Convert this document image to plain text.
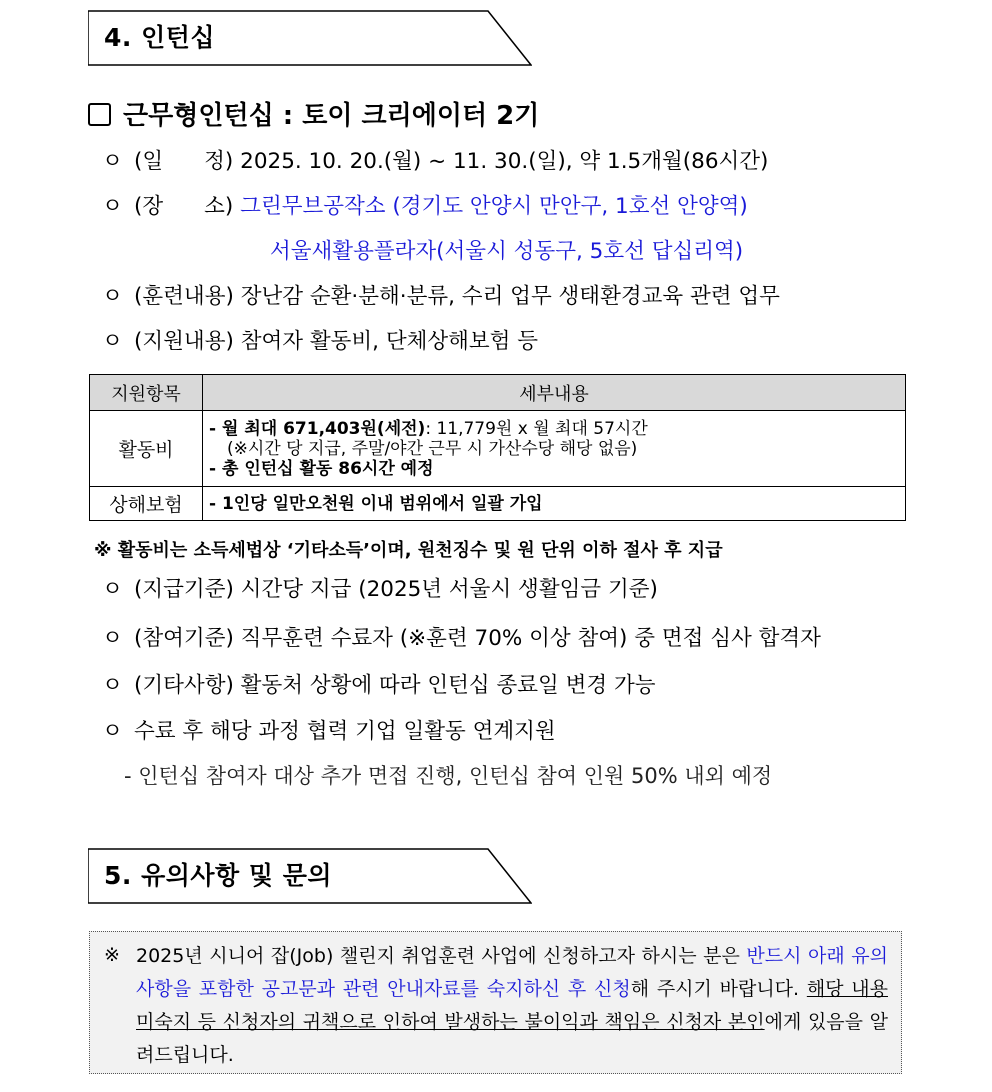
4. 인턴십
근무형인턴십 : 토이 크리에이터 2기
ㅇ (일      정) 2025. 10. 20.(월) ~ 11. 30.(일), 약 1.5개월(86시간)
ㅇ (장      소) 그린무브공작소 (경기도 안양시 만안구, 1호선 안양역)
서울새활용플라자(서울시 성동구, 5호선 답십리역)
ㅇ (훈련내용) 장난감 순환·분해·분류, 수리 업무 생태환경교육 관련 업무
ㅇ (지원내용) 참여자 활동비, 단체상해보험 등
지원항목	세부내용
활동비	- 월 최대 671,403원(세전): 11,779원 x 월 최대 57시간
(※시간 당 지급, 주말/야간 근무 시 가산수당 해당 없음)
- 총 인턴십 활동 86시간 예정

상해보험	- 1인당 일만오천원 이내 범위에서 일괄 가입
※ 활동비는 소득세법상 ‘기타소득’이며, 원천징수 및 원 단위 이하 절사 후 지급
ㅇ (지급기준) 시간당 지급 (2025년 서울시 생활임금 기준)
ㅇ (참여기준) 직무훈련 수료자 (※훈련 70% 이상 참여) 중 면접 심사 합격자
ㅇ (기타사항) 활동처 상황에 따라 인턴십 종료일 변경 가능
ㅇ 수료 후 해당 과정 협력 기업 일활동 연계지원
- 인턴십 참여자 대상 추가 면접 진행, 인턴십 참여 인원 50% 내외 예정
5. 유의사항 및 문의
※ 2025년 시니어 잡(Job) 챌린지 취업훈련 사업에 신청하고자 하시는 분은 반드시 아래 유의사항을 포함한 공고문과 관련 안내자료를 숙지하신 후 신청해 주시기 바랍니다. 해당 내용 미숙지 등 신청자의 귀책으로 인하여 발생하는 불이익과 책임은 신청자 본인에게 있음을 알려드립니다.
